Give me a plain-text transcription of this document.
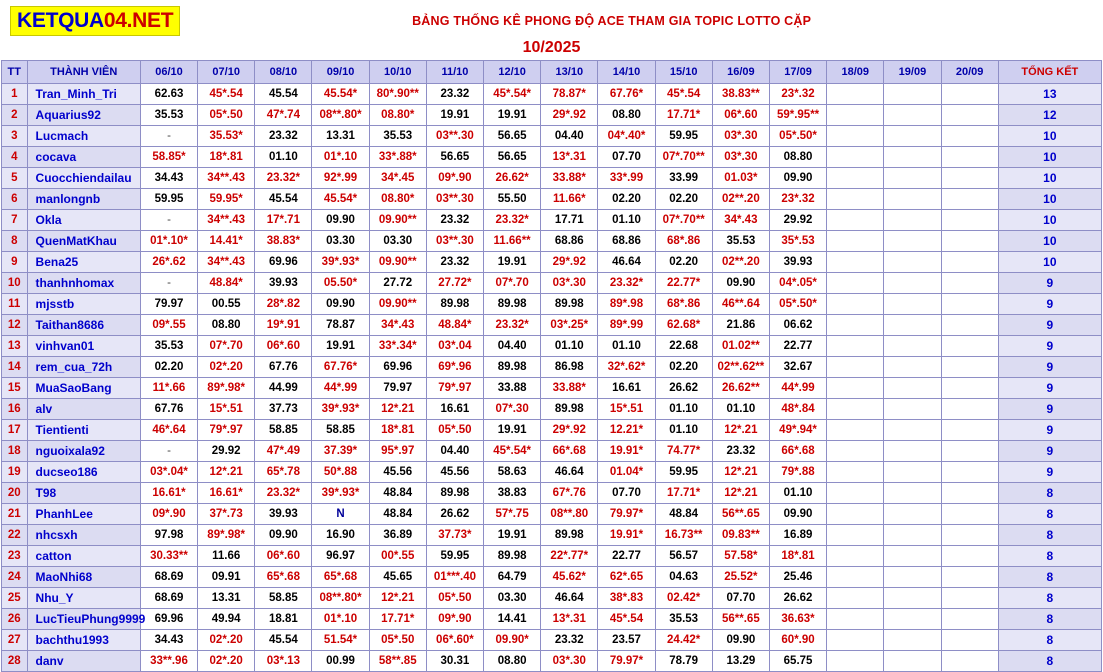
KETQUA04.NET	BẢNG THỐNG KÊ PHONG ĐỘ ACE THAM GIA TOPIC LOTTO CẶP
10/2025
TT	THÀNH VIÊN	06/10	07/10	08/10	09/10	10/10	11/10	12/10	13/10	14/10	15/10	16/09	17/09	18/09	19/09	20/09	TỔNG KẾT
1	Tran_Minh_Tri	62.63	45*.54	45.54	45.54*	80*.90**	23.32	45*.54*	78.87*	67.76*	45*.54	38.83**	23*.32				13
2	Aquarius92	35.53	05*.50	47*.74	08**.80*	08.80*	19.91	19.91	29*.92	08.80	17.71*	06*.60	59*.95**				12
3	Lucmach	-	35.53*	23.32	13.31	35.53	03**.30	56.65	04.40	04*.40*	59.95	03*.30	05*.50*				10
4	cocava	58.85*	18*.81	01.10	01*.10	33*.88*	56.65	56.65	13*.31	07.70	07*.70**	03*.30	08.80				10
5	Cuocchiendailau	34.43	34**.43	23.32*	92*.99	34*.45	09*.90	26.62*	33.88*	33*.99	33.99	01.03*	09.90				10
6	manlongnb	59.95	59.95*	45.54	45.54*	08.80*	03**.30	55.50	11.66*	02.20	02.20	02**.20	23*.32				10
7	Okla	-	34**.43	17*.71	09.90	09.90**	23.32	23.32*	17.71	01.10	07*.70**	34*.43	29.92				10
8	QuenMatKhau	01*.10*	14.41*	38.83*	03.30	03.30	03**.30	11.66**	68.86	68.86	68*.86	35.53	35*.53				10
9	Bena25	26*.62	34**.43	69.96	39*.93*	09.90**	23.32	19.91	29*.92	46.64	02.20	02**.20	39.93				10
10	thanhnhomax	-	48.84*	39.93	05.50*	27.72	27.72*	07*.70	03*.30	23.32*	22.77*	09.90	04*.05*				9
11	mjsstb	79.97	00.55	28*.82	09.90	09.90**	89.98	89.98	89.98	89*.98	68*.86	46**.64	05*.50*				9
12	Taithan8686	09*.55	08.80	19*.91	78.87	34*.43	48.84*	23.32*	03*.25*	89*.99	62.68*	21.86	06.62				9
13	vinhvan01	35.53	07*.70	06*.60	19.91	33*.34*	03*.04	04.40	01.10	01.10	22.68	01.02**	22.77				9
14	rem_cua_72h	02.20	02*.20	67.76	67.76*	69.96	69*.96	89.98	86.98	32*.62*	02.20	02**.62**	32.67				9
15	MuaSaoBang	11*.66	89*.98*	44.99	44*.99	79.97	79*.97	33.88	33.88*	16.61	26.62	26.62**	44*.99				9
16	alv	67.76	15*.51	37.73	39*.93*	12*.21	16.61	07*.30	89.98	15*.51	01.10	01.10	48*.84				9
17	Tientienti	46*.64	79*.97	58.85	58.85	18*.81	05*.50	19.91	29*.92	12.21*	01.10	12*.21	49*.94*				9
18	nguoixala92	-	29.92	47*.49	37.39*	95*.97	04.40	45*.54*	66*.68	19.91*	74.77*	23.32	66*.68				9
19	ducseo186	03*.04*	12*.21	65*.78	50*.88	45.56	45.56	58.63	46.64	01.04*	59.95	12*.21	79*.88				9
20	T98	16.61*	16.61*	23.32*	39*.93*	48.84	89.98	38.83	67*.76	07.70	17.71*	12*.21	01.10				8
21	PhanhLee	09*.90	37*.73	39.93	N	48.84	26.62	57*.75	08**.80	79.97*	48.84	56**.65	09.90				8
22	nhcsxh	97.98	89*.98*	09.90	16.90	36.89	37.73*	19.91	89.98	19.91*	16.73**	09.83**	16.89				8
23	catton	30.33**	11.66	06*.60	96.97	00*.55	59.95	89.98	22*.77*	22.77	56.57	57.58*	18*.81				8
24	MaoNhi68	68.69	09.91	65*.68	65*.68	45.65	01***.40	64.79	45.62*	62*.65	04.63	25.52*	25.46				8
25	Nhu_Y	68.69	13.31	58.85	08**.80*	12*.21	05*.50	03.30	46.64	38*.83	02.42*	07.70	26.62				8
26	LucTieuPhung9999	69.96	49.94	18.81	01*.10	17.71*	09*.90	14.41	13*.31	45*.54	35.53	56**.65	36.63*				8
27	bachthu1993	34.43	02*.20	45.54	51.54*	05*.50	06*.60*	09.90*	23.32	23.57	24.42*	09.90	60*.90				8
28	danv	33**.96	02*.20	03*.13	00.99	58**.85	30.31	08.80	03*.30	79.97*	78.79	13.29	65.75				8
